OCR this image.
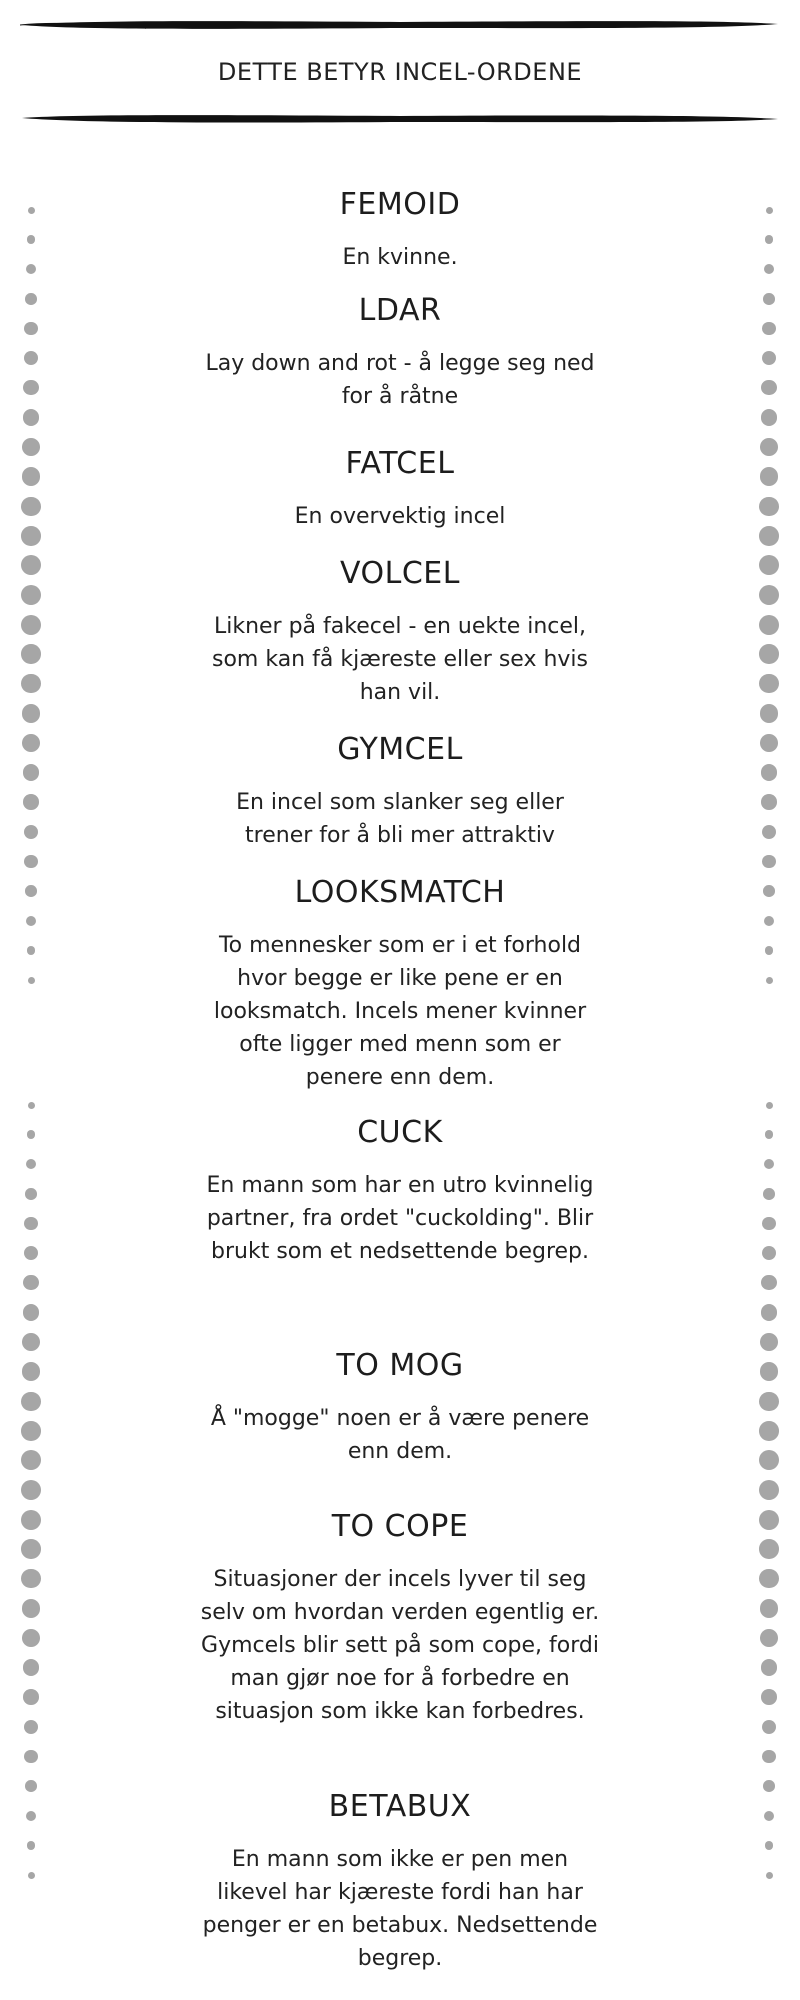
DETTE BETYR INCEL-ORDENE
FEMOID
En kvinne.
LDAR
Lay down and rot - å legge seg ned for å råtne
FATCEL
En overvektig incel
VOLCEL
Likner på fakecel - en uekte incel, som kan få kjæreste eller sex hvis han vil.
GYMCEL
En incel som slanker seg eller trener for å bli mer attraktiv
LOOKSMATCH
To mennesker som er i et forhold hvor begge er like pene er en looksmatch. Incels mener kvinner ofte ligger med menn som er penere enn dem.
CUCK
En mann som har en utro kvinnelig partner, fra ordet "cuckolding". Blir brukt som et nedsettende begrep.
TO MOG
Å "mogge" noen er å være penere enn dem.
TO COPE
Situasjoner der incels lyver til seg selv om hvordan verden egentlig er. Gymcels blir sett på som cope, fordi man gjør noe for å forbedre en situasjon som ikke kan forbedres.
BETABUX
En mann som ikke er pen men likevel har kjæreste fordi han har penger er en betabux. Nedsettende begrep.
